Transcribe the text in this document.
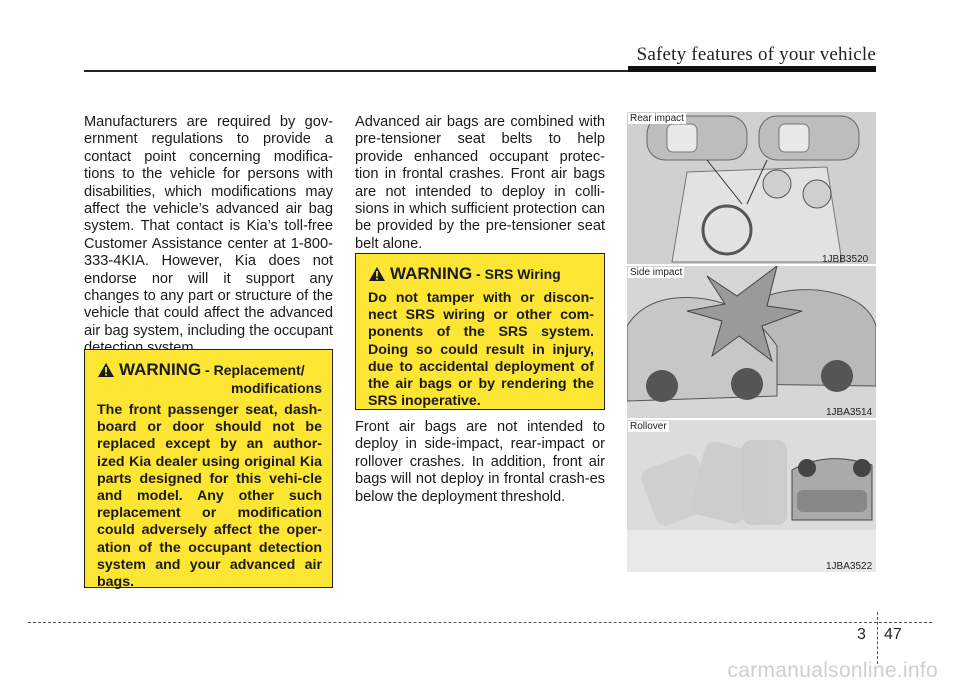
Safety features of your vehicle
Manufacturers are required by gov-ernment regulations to provide a contact point concerning modifica-tions to the vehicle for persons with disabilities, which modifications may affect the vehicle’s advanced air bag system. That contact is Kia’s toll-free Customer Assistance center at 1-800-333-4KIA. However, Kia does not endorse nor will it support any changes to any part or structure of the vehicle that could affect the advanced air bag system, including the occupant
WARNING - Replacement/
modifications
The front passenger seat, dash-board or door should not be replaced except by an author-ized Kia dealer using original Kia parts designed for this vehi-cle and model. Any other such replacement or modification could adversely affect the oper-ation of the occupant detection system and your advanced air bags.
Advanced air bags are combined with pre-tensioner seat belts to help provide enhanced occupant protec-tion in frontal crashes. Front air bags are not intended to deploy in colli-sions in which sufficient protection can be provided by the pre-tensioner seat belt alone.
WARNING - SRS Wiring
Do not tamper with or discon-nect SRS wiring or other com-ponents of the SRS system. Doing so could result in injury, due to accidental deployment of the air bags or by rendering the SRS inoperative.
Front air bags are not intended to deploy in side-impact, rear-impact or rollover crashes. In addition, front air bags will not deploy in frontal crash-es below the deployment threshold.
Rear impact
1JBB3520
Side impact
1JBA3514
Rollover
1JBA3522
3 47
carmanualsonline.info
